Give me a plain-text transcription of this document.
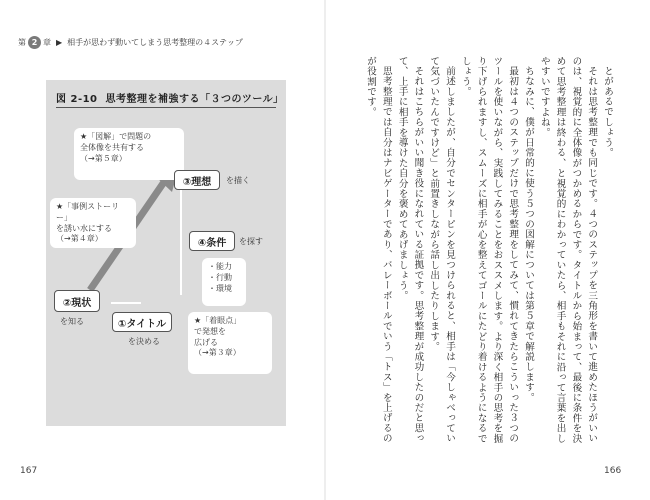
第 2 章 ▶ 相手が思わず動いてしまう思考整理の４ステップ
図 2-10 思考整理を補強する「３つのツール」
★「図解」で問題の
全体像を共有する
（→第５章）
③理想	を描く
★「事例ストーリー」
を誘い水にする
（→第４章）	④条件	を探す
・能力
・行動
・環境
②現状
を知る	①タイトル
を決める
★「着眼点」
で発想を
広げる
（→第３章）

とがあるでしょう。

それは思考整理でも同じです。４つのステップを三角形を書いて進めたほうがいいのは、視覚的に全体像がつかめるからです。タイトルから始まって、最後に条件を決めて思考整理は終わる、と視覚的にわかっていたら、相手もそれに沿って言葉を出しやすいですよね。

ちなみに、僕が日常的に使う５つの図解については第５章で解説します。

最初は４つのステップだけで思考整理をしてみて、慣れてきたらこういった３つのツールを使いながら、実践してみることをおススメします。より深く相手の思考を掘り下げられますし、スムーズに相手が心を整えてゴールにたどり着けるようになるでしょう。

前述しましたが、自分でセンターピンを見つけられると、相手は「今しゃべっていて気づいたんですけど」と前置きしながら話し出したりします。

それはこちらがいい聞き役になれている証拠です。思考整理が成功したのだと思って、上手に相手を導けた自分を褒めてあげましょう。

思考整理では自分はナビゲーターであり、バレーボールでいう「トス」を上げるのが役割です。

167	166
